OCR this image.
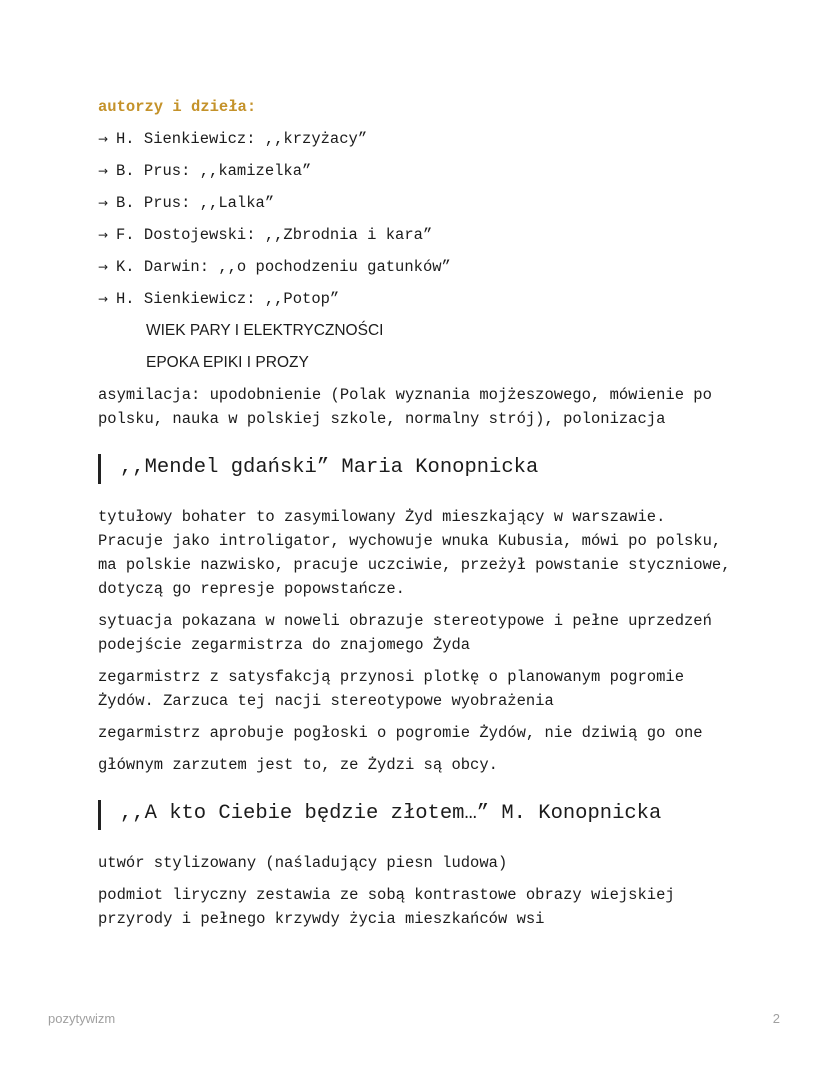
autorzy i dzieła:
→ H. Sienkiewicz: ,,krzyżacy”
→ B. Prus: ,,kamizelka”
→ B. Prus: ,,Lalka”
→ F. Dostojewski: ,,Zbrodnia i kara”
→ K. Darwin: ,,o pochodzeniu gatunków”
→ H. Sienkiewicz: ,,Potop”
WIEK PARY I ELEKTRYCZNOŚCI
EPOKA EPIKI I PROZY
asymilacja: upodobnienie (Polak wyznania mojżeszowego, mówienie po polsku, nauka w polskiej szkole, normalny strój), polonizacja
,,Mendel gdański” Maria Konopnicka
tytułowy bohater to zasymilowany Żyd mieszkający w warszawie. Pracuje jako introligator, wychowuje wnuka Kubusia, mówi po polsku, ma polskie nazwisko, pracuje uczciwie, przeżył powstanie styczniowe, dotyczą go represje popowstańcze.
sytuacja pokazana w noweli obrazuje stereotypowe i pełne uprzedzeń podejście zegarmistrza do znajomego Żyda
zegarmistrz z satysfakcją przynosi plotkę o planowanym pogromie Żydów. Zarzuca tej nacji stereotypowe wyobrażenia
zegarmistrz aprobuje pogłoski o pogromie Żydów, nie dziwią go one
głównym zarzutem jest to, ze Żydzi są obcy.
,,A kto Ciebie będzie złotem…” M. Konopnicka
utwór stylizowany (naśladujący piesn ludowa)
podmiot liryczny zestawia ze sobą kontrastowe obrazy wiejskiej przyrody i pełnego krzywdy życia mieszkańców wsi
pozytywizm	2
